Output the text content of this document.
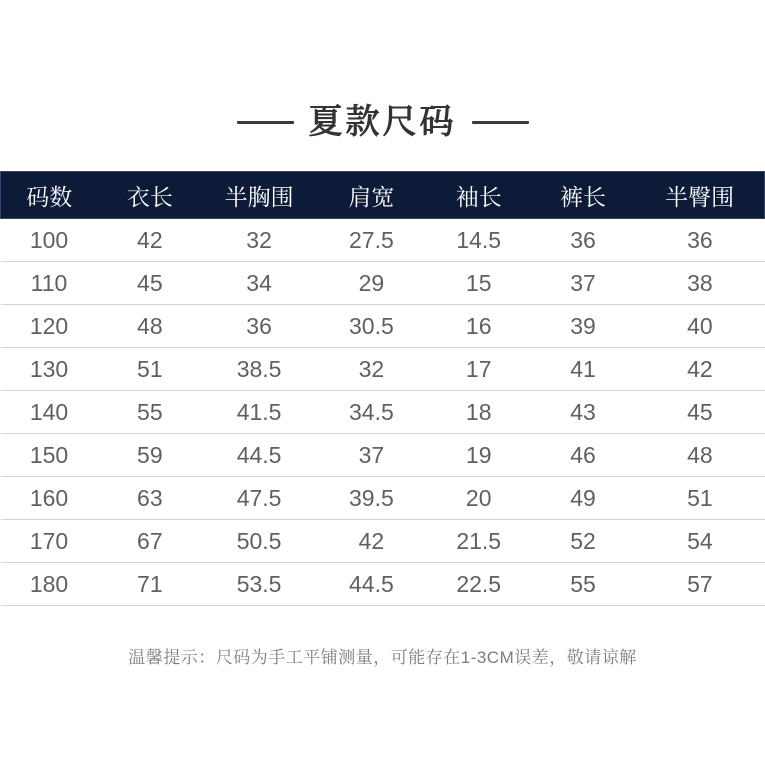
夏款尺码
码数	衣长	半胸围	肩宽	袖长	裤长	半臀围
100	42	32	27.5	14.5	36	36
110	45	34	29	15	37	38
120	48	36	30.5	16	39	40
130	51	38.5	32	17	41	42
140	55	41.5	34.5	18	43	45
150	59	44.5	37	19	46	48
160	63	47.5	39.5	20	49	51
170	67	50.5	42	21.5	52	54
180	71	53.5	44.5	22.5	55	57

温馨提示：尺码为手工平铺测量，可能存在1-3CM误差，敬请谅解
